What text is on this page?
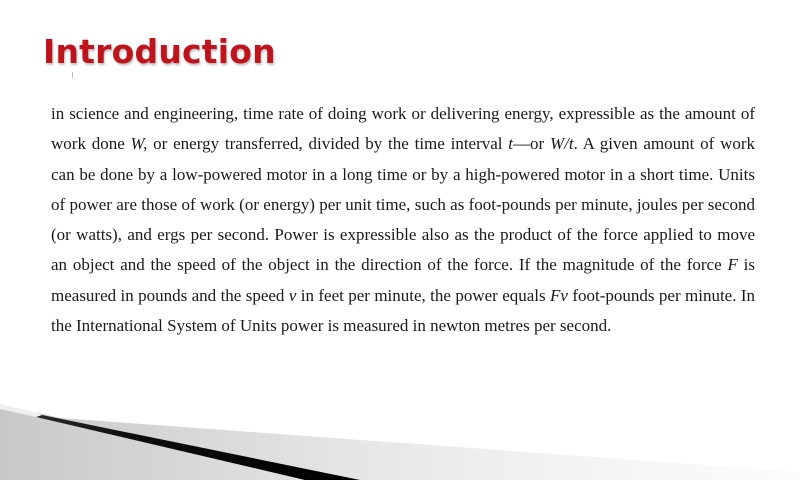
Introduction

in science and engineering, time rate of doing work or delivering energy, expressible as the amount of work done W, or energy transferred, divided by the time interval t—or W/t. A given amount of work can be done by a low-powered motor in a long time or by a high-powered motor in a short time. Units of power are those of work (or energy) per unit time, such as foot-pounds per minute, joules per second (or watts), and ergs per second. Power is expressible also as the product of the force applied to move an object and the speed of the object in the direction of the force. If the magnitude of the force F is measured in pounds and the speed v in feet per minute, the power equals Fv foot-pounds per minute. In the International System of Units power is measured in newton metres per second.
